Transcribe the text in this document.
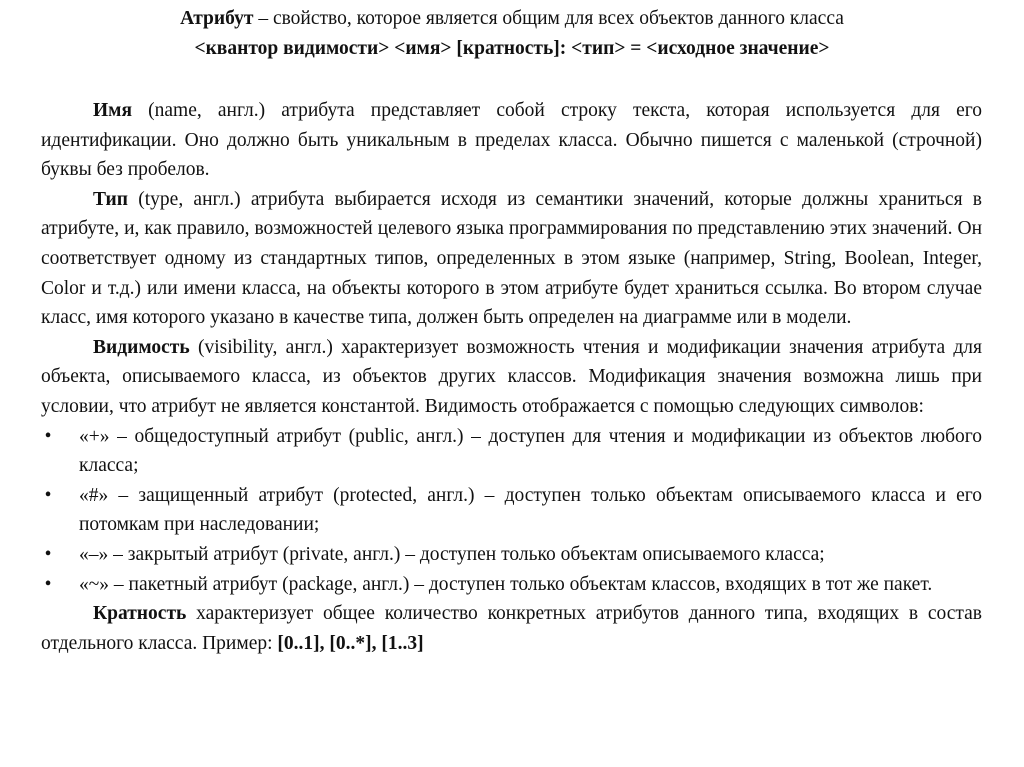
Атрибут – свойство, которое является общим для всех объектов данного класса
<квантор видимости> <имя> [кратность]: <тип> = <исходное значение>

Имя (name, англ.) атрибута представляет собой строку текста, которая используется для его идентификации. Оно должно быть уникальным в пределах класса. Обычно пишется с маленькой (строчной) буквы без пробелов.

Тип (type, англ.) атрибута выбирается исходя из семантики значений, которые должны храниться в атрибуте, и, как правило, возможностей целевого языка программирования по представлению этих значений. Он соответствует одному из стандартных типов, определенных в этом языке (например, String, Boolean, Integer, Color и т.д.) или имени класса, на объекты которого в этом атрибуте будет храниться ссылка. Во втором случае класс, имя которого указано в качестве типа, должен быть определен на диаграмме или в модели.

Видимость (visibility, англ.) характеризует возможность чтения и модификации значения атрибута для объекта, описываемого класса, из объектов других классов. Модификация значения возможна лишь при условии, что атрибут не является константой. Видимость отображается с помощью следующих символов:

• «+» – общедоступный атрибут (public, англ.) – доступен для чтения и модификации из объектов любого класса;
• «#» – защищенный атрибут (protected, англ.) – доступен только объектам описываемого класса и его потомкам при наследовании;
• «–» – закрытый атрибут (private, англ.) – доступен только объектам описываемого класса;
• «~» – пакетный атрибут (package, англ.) – доступен только объектам классов, входящих в тот же пакет.

Кратность характеризует общее количество конкретных атрибутов данного типа, входящих в состав отдельного класса. Пример: [0..1], [0..*], [1..3]
